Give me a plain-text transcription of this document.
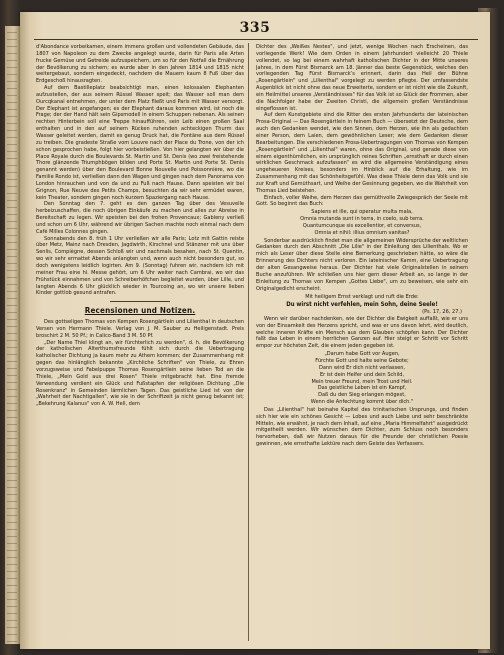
335

d'Abondance vorbeikamen, einem immens großen und vollendeten Gebäude, das 1807 von Napoleon zu dem Zwecke angelegt wurde, darin für Paris alle Arten frucke Gemüse und Getreide aufzuspeichern, um so für den Notfall die Ernährung der Bevölkerung zu sichern; es wurde aber in den Jahren 1814 und 1815 nicht weitergebaut, sondern eingedeckt, nachdem die Mauern kaum 8 Fuß über das Erdgeschoß hinausragten.

Auf dem Bastilleplatz beabsichtigt man, einen kolossalen Elephanten aufzustellen, der aus seinem Rüssel Wasser speit; das Wasser soll man dem Ourcqkanal entnehmen, der unter dem Platz fließt und Paris mit Wasser versorgt. Der Elephant ist angefangen; es der Elephant daraus kommen wird, ist noch die Frage; der der Hand hält sein Gipsmodell in einem Schuppen nebenan. Als seinen rechten Hinterbein soll eine Treppe hinaufführen, sein Leib einen großen Saal enthalten und in den auf seinem Rücken ruhenden achteckigen Thurm das Wasser geleitet werden, damit es genug Druck hat, die Fontäne aus dem Rüssel zu treiben. Die gradeste Straße vom Louvre nach der Place du Trone, von der ich schon gesprochen habe, folgt hier vorbeistießen. Von hier gelangten wir über die Place Royale durch die Boulevards St. Martin und St. Denis (wo zwei freistehende Thore glänzende Triumphbögen bilden und Porte St. Martin und Porte St. Denis genannt werden) über den Boulevard Bonne Nouvelle und Poissonnière, wo die Familie Rondo ist, verließen dann den Wagen und gingen nach dem Panorama von London hinrauchen und von da und zu Fuß nach Hause. Dann speisten wir bei Grignon, Rue Neuve des Petits Champs, besuchten da wir sehr ermüdet waren, kein Theater, sondern gingen noch kurzem Spaziergang nach Hause.

Den Sonntag den 7. geht es den ganzen Tag über des Vesuvelle herbeizuschaffen, die noch übrigen Einkäufe zu machen und alles zur Abreise in Bereitschaft zu legen. Wir speisten bei den frohen Provencaux; Gableny verließ und schon um 6 Uhr, während wir übrigen Sachen machte noch einmal nach dem Café Milles Colonnes gingen.

Sonnabends den 8. früh 1 Uhr verließen wir alle Paris; Lotz mit Gattin reiste über Metz, Mainz nach Dresden, Jagdwirth, Kirschnel und Stänzner mit uns über Senlis, Compiègne, dessen Schloß wir und nachmals besahen, nach St. Quentin, wo wir sehr ermattet Abends anlangten und, wenn auch nicht besonders gut, so doch wenigstens leidlich logirten. Am 9. (Sonntag) fuhren wir, nachdem ich mit meiner Frau eine hl. Messe gehört, um 6 Uhr weiter nach Cambrai, wo wir das Frühstück einnahmen und von Schreiberhöfchen begleitet wurden, über Lille, und langten Abends 6 Uhr glücklich wieder in Tourcoing an, wo wir unsere lieben Kinder gottlob gesund antrafen.

Recensionen und Notizen.

Des gottseligen Thomas von Kempen Rosengärtlein und Lilienthal in deutschen Versen von Hermann Thiele. Verlag von J. M. Sauber zu Heiligenstadt. Preis broschirt 2 M. 50 Pf.; in Calico-Band 3 M. 50 Pf.

„Der Name Thiel klingt an, wir fürchterlich zu werden", d. h. die Bevölkerung der katholischen Alterthumsfreunde fühlt sich durch die Uebertragung katholischer Dichtung ja kaum mehr zu Athem kommen; der Zusammenhang mit gegen das hinlänglich bekannte „Kirchliche Schriften" von Thiele, zu Ehren vorzugsweise und Fabelpuppe Thomas Rosengärtlein seine lieben Tod an die Thiele, „Mein Gold aus drei Rosen" Thiele mitgebracht hat. Eine fremde Verwendung verdient ein Glück und Fußstapfen der religiösen Dichtung „Die Rosenkranz" in Gemeinden lärmlichen Tagen. Das geistliche Lied ist von der „Wahrheit der Nachtigallen", wie sie in der Schriftzeit ja nicht genug bekannt ist; „Bekehrung Kalanus" von A. W. Hell, dem

Dichter des „Weißes Nestes", und jetzt, wenige Wochen nach Erscheinen, das vorliegende Werk! Wie dem Orden in einem Jahrhundert vielleicht 20 Thiele vollendet, so lag bei einem wahrhaft katholischen Dichter in der Mitte unseres Jahres, in dem Fürst Bismarck am 18. Jänner das beste Gegenstück, welches den vorliegenden Tag Fürst Bismarck’s erinnert, darin das Heil der Bühne „Rosengärtlein" und „Lilienthal" vorgelegt zu werden pflegte. Der umfassendste Augenblick ist nicht ohne das neue Erweiterte, sondern er ist nicht wie die Zukunft, ein Heilmittel unseres „Verständnisses" für das Volk ist so Glück der Frommen, aber die Nachfolger habe der Zweiten Christi, die allgemein großen Verständnisse eingeflossen ist.

Auf dem Kunstgebiete sind die Ritter des ersten Jahrhunderts der lateinischen Prosa-Original — Das Rosengärtlein in feinem Buch — übersetzt der Deutsche, dem auch den Gedanken wendet, wie den Sinnen, dem Herzen, wie ihn als gedachten einer Person, dem Laien, dem gewöhnlichen Leser; wie dem Gedanken dieser Bearbeitungen. Die verschiedenen Prosa-Uebertragungen von Thomas von Kempen „Rosengärtlein" und „Lilienthal" waren, ohne das Original, und gerade diese von einem eigenthümlichen, ein ursprünglich reines Schriften „ernsthaft er durch einen wirklichen Geschmack aufzufassen“ es wird die allgemeine Verständigung eines ungeheueren Kreises, besonders im Hinblick auf die Erhaltung, wie im Zusammenhang mit das Schönheitsgefühl. Was diese Thiele denn das Volk und sie zur Kraft und Gemüthsart, und Weihe der Gesinnung gegeben, wo die Wahrheit von Thomas Lied beistehen.

Einfach, voller Weihe, dem Herzen das gemüthvolle Zwiegespräch der Seele mit Gott. So beginnt das Buch:

Sapiens et ille, qui operatur multa mala,
Omnia mutanda sunt in terra, in coelo, sub terra.
Quantumcunque sis excellentior, et conversus,
Omnia et nihil: illius omnium vanitas?

Sonderbar ausdrücklich findet man die allgemeinen Widersprüche der weltlichen Gedanken durch den Abschnitt „Die Lilie" in der Einleitung des Lilienthals. Wo er mich als Leser über diese Stelle eine Bemerkung geschrieben hätte, so wäre die Erinnerung des Dichters nicht verloren. Ein lateinischer Kamm, eine Uebertragung der alten Gesangweise heraus. Der Dichter hat viele Originalstellen in seinem Buche anzuführen. Wir schließen uns hier gern dieser Arbeit an, so lange in der Einleitung zu Thomas von Kempen „Gottes Liebe", um zu beweisen, wie sehr ein Originalgedicht erscheint.

Mit heiligem Ernst verklagt und ruft die Erde:
Du wirst nicht verfehlen, mein Sohn, deine Seele!
(Ps. 17, 26, 27.)

Wenn wir darüber nachdenken, wie der Dichter die Ewigkeit auffaßt, wie er uns von der Einsamkeit des Herzens spricht, und was er uns davon lehrt, wird deutlich, welche inneren Kräfte ein Mensch aus dem Glauben schöpfen kann. Der Dichter faßt das Leben in einem herrlichen Ganzen auf. Hier steigt er Schritt vor Schritt empor zur höchsten Zeit, die einem jeden gegeben ist.

„Darum habe Gott vor Augen,
Fürchte Gott und halte seine Gebote;
Dann wird Er dich nicht verlassen,
Er ist dein Helfer und dein Schild,
Mein treuer Freund, mein Trost und Heil.
Das geistliche Leben ist ein Kampf,
Daß du den Sieg erlangen mögest,
Wenn die Anfechtung kommt über dich."

Das „Lilienthal" hat beinahe Kapitel des trinitarischen Ursprungs, und finden sich hier wie ein schönes Gesicht — Lobes und auch Liebe und sehr beschränkte Mitteln, wie erwähnt, je nach dem Inhalt, auf eine „Maria Himmelfahrt" ausgedrückt mitgetheilt werden. Wir wünschen dem Dichter, zum Schluss noch besonders hervorheben, daß wir Nutzen daraus für die Freunde der christlichen Poesie gewinnen, wie ernsthafte Lektüre nach dem Geiste des Verfassers.
